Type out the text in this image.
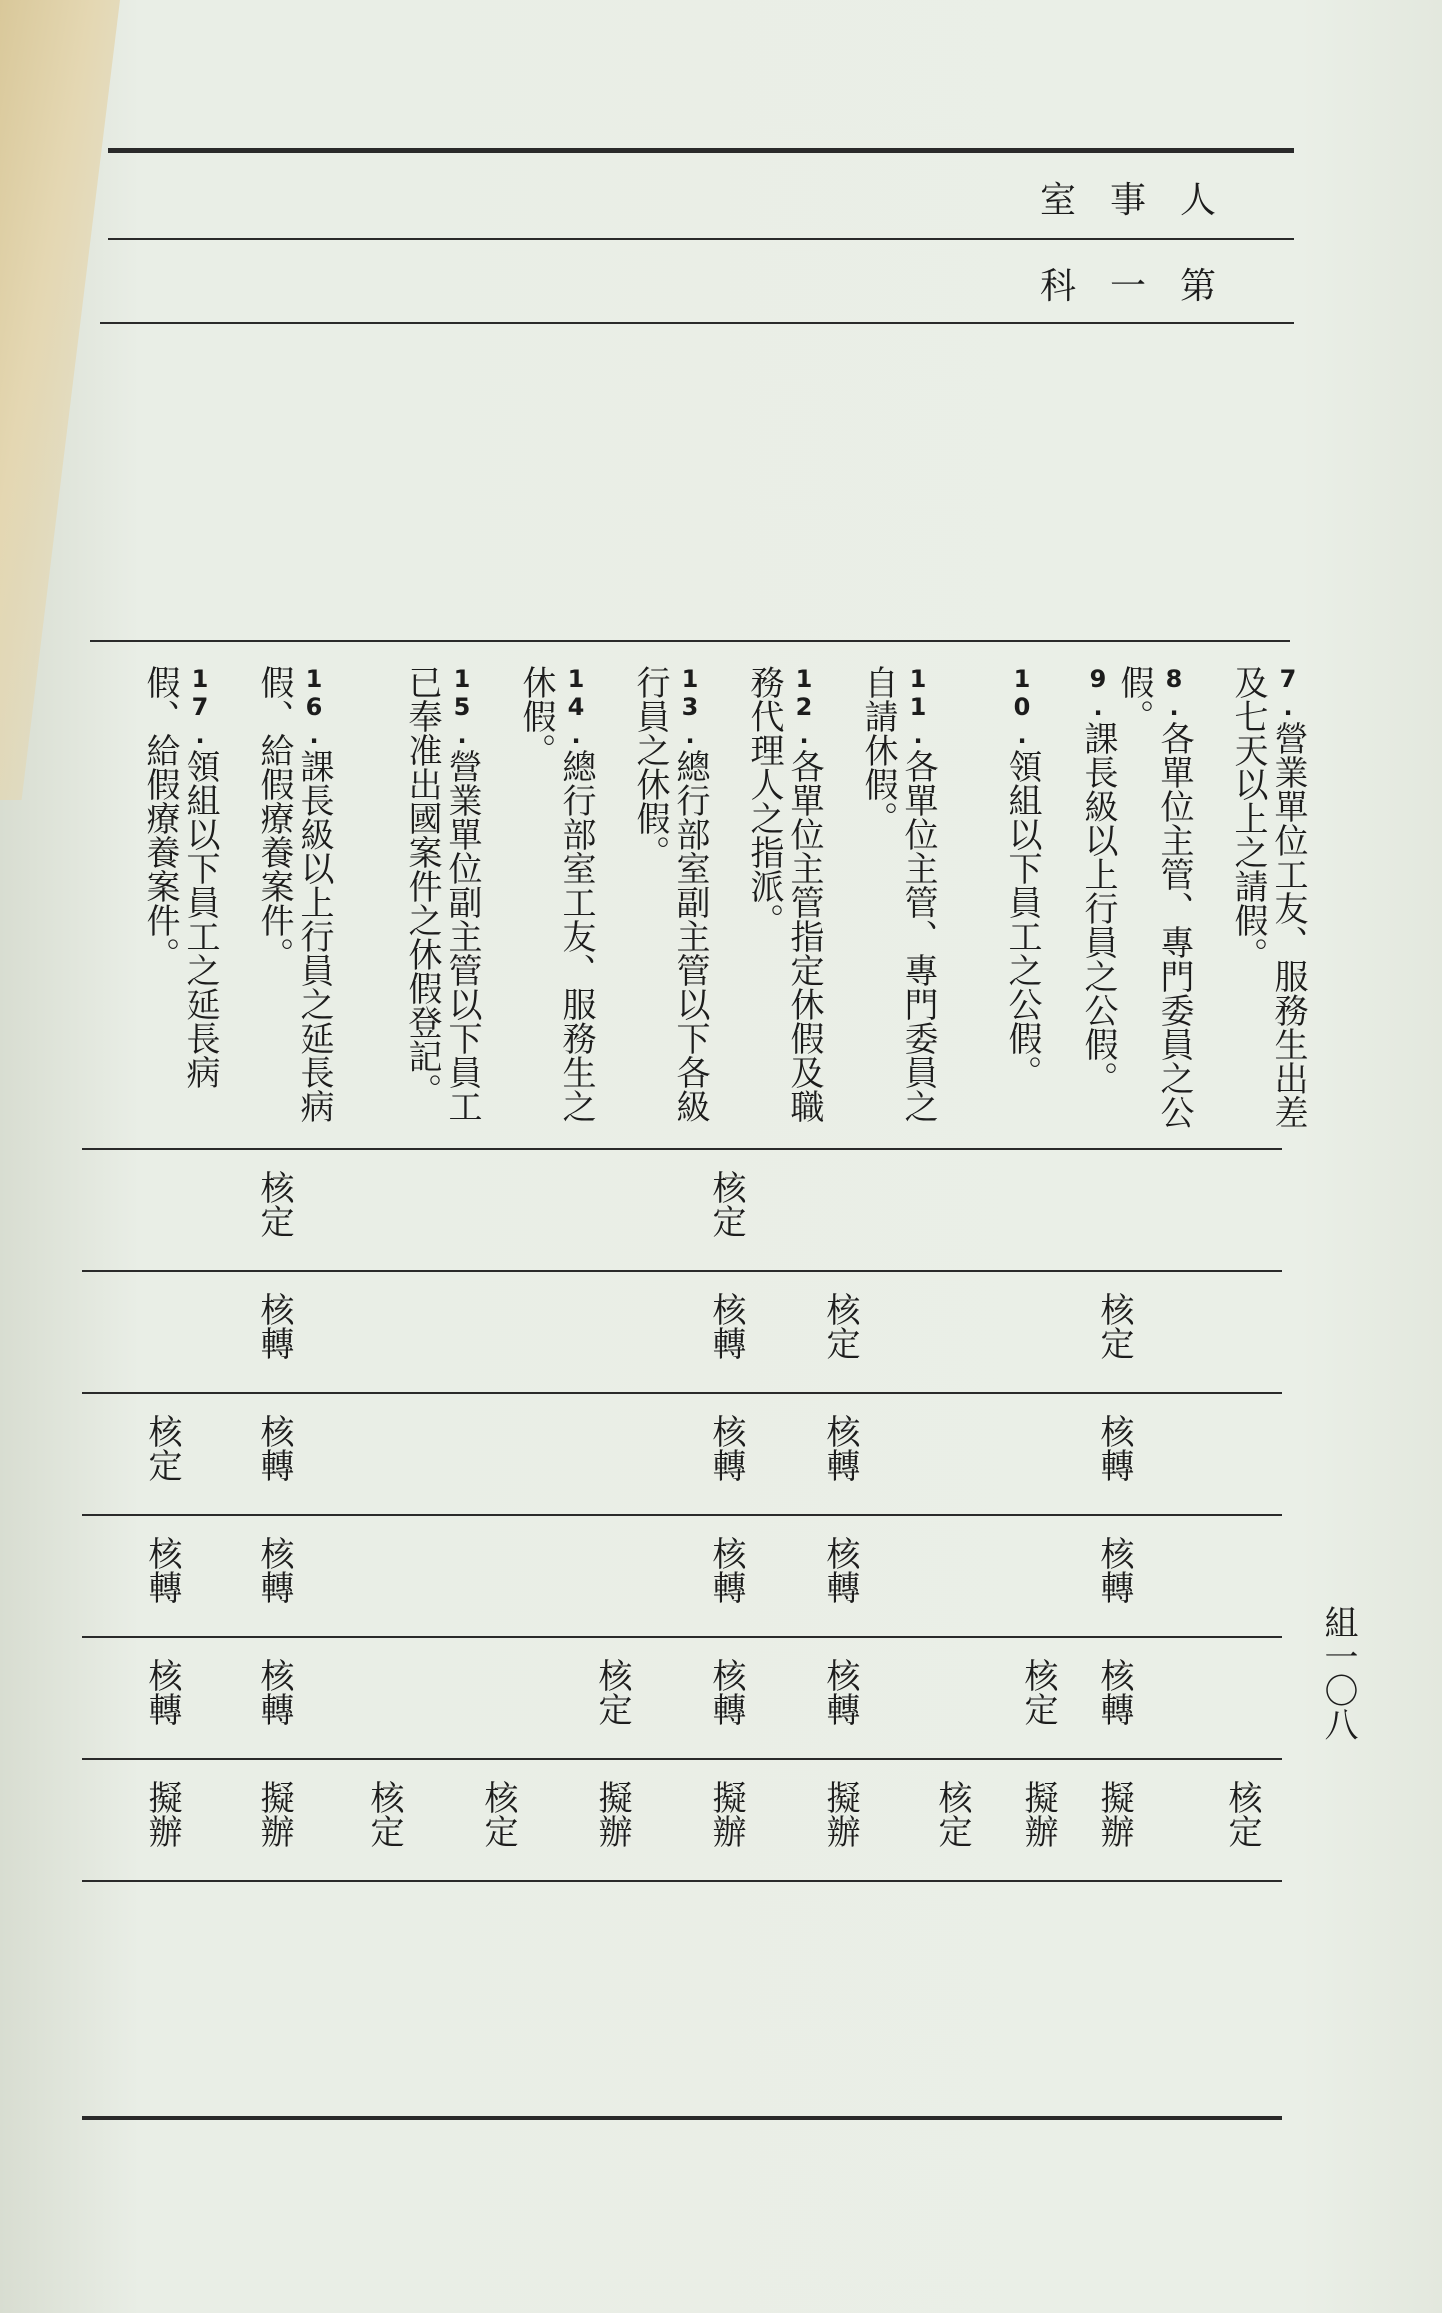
人事室
第一科
7.營業單位工友、服務生出差及七天以上之請假。
8.各單位主管、專門委員之公假。
9.課長級以上行員之公假。
10.領組以下員工之公假。
11.各單位主管、專門委員之自請休假。
12.各單位主管指定休假及職務代理人之指派。
13.總行部室副主管以下各級行員之休假。
14.總行部室工友、服務生之休假。
15.營業單位副主管以下員工已奉准出國案件之休假登記。
16.課長級以上行員之延長病假、給假療養案件。
17.領組以下員工之延長病假、給假療養案件。
核定
核定
核定
核定
核轉
核轉
核轉
核轉
核轉
核轉
核定
核轉
核轉
核轉
核轉
核轉
核轉
核定
核轉
核轉
核定
核轉
核轉
核定
擬辦
擬辦
核定
擬辦
擬辦
擬辦
核定
核定
擬辦
擬辦
組一〇八
